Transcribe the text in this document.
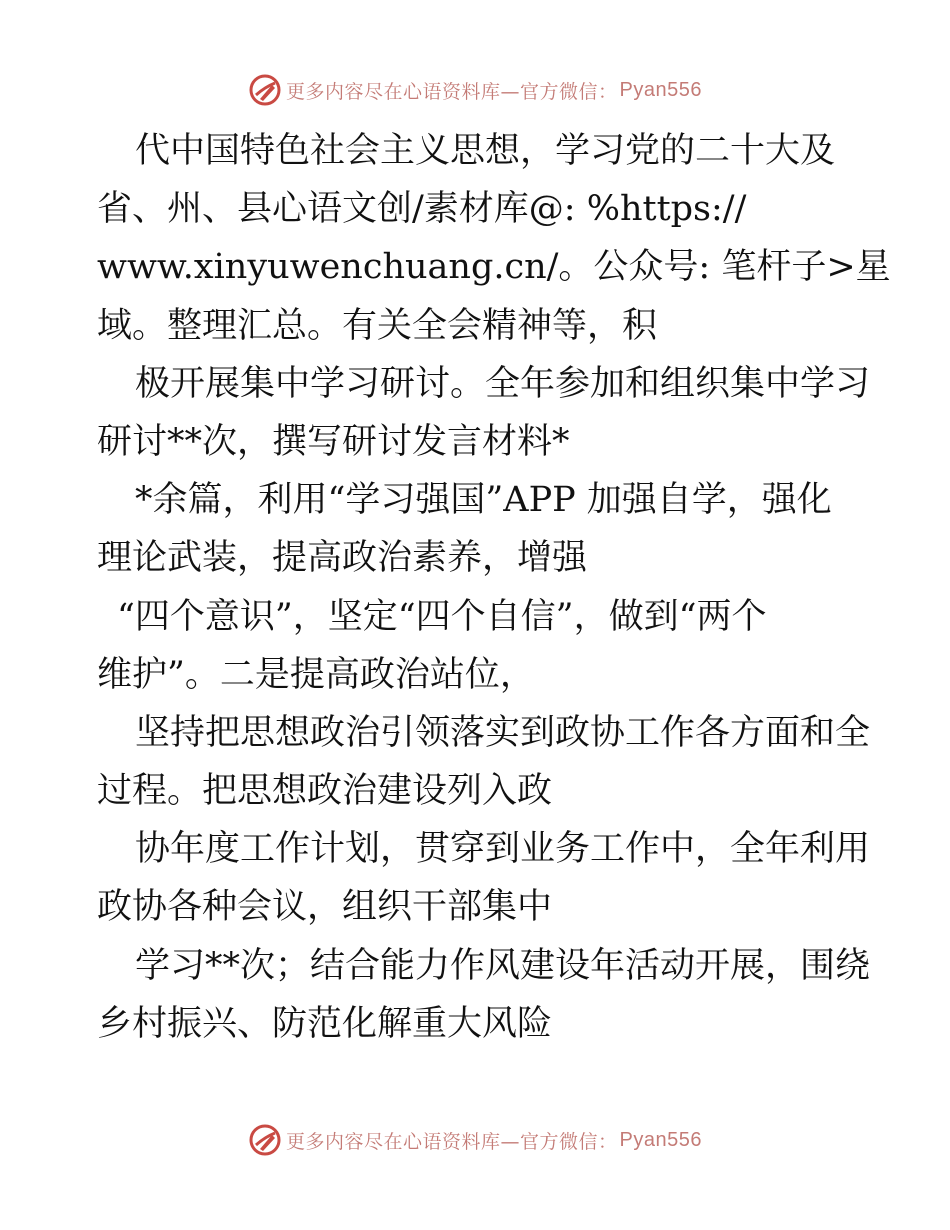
更多内容尽在心语资料库—官方微信： Pyan556
代中国特色社会主义思想，学习党的二十大及
省、州、县心语文创/素材库@: %https://
www.xinyuwenchuang.cn/。公众号: 笔杆子>星
域。整理汇总。有关全会精神等，积
极开展集中学习研讨。全年参加和组织集中学习
研讨**次，撰写研讨发言材料*
*余篇，利用“学习强国”APP 加强自学，强化
理论武装，提高政治素养，增强
“四个意识”，坚定“四个自信”，做到“两个
维护”。二是提高政治站位，
坚持把思想政治引领落实到政协工作各方面和全
过程。把思想政治建设列入政
协年度工作计划，贯穿到业务工作中，全年利用
政协各种会议，组织干部集中
学习**次；结合能力作风建设年活动开展，围绕
乡村振兴、防范化解重大风险
更多内容尽在心语资料库—官方微信： Pyan556
